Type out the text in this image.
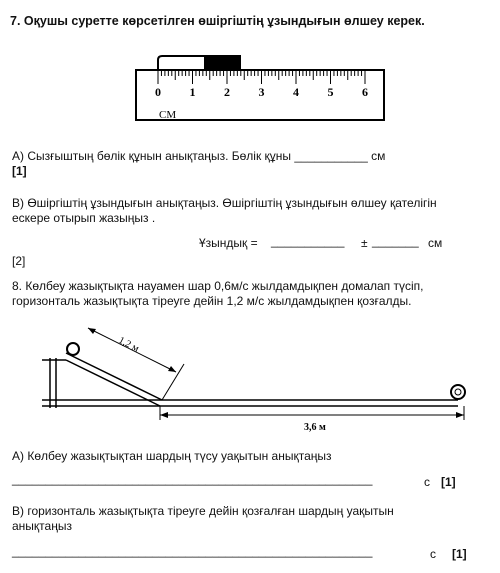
7. Оқушы суретте көрсетілген өшіргіштің ұзындығын өлшеу керек.
0 1 2 3 4 5 6
СМ
А) Сызғыштың бөлік құнын анықтаңыз. Бөлік құны ___________ см
[1]
В) Өшіргіштің ұзындығын анықтаңыз. Өшіргіштің ұзындығын өлшеу қателігін
ескере отырып жазыңыз .
Ұзындық = ___________ ± _______ см
[2]
8. Көлбеу жазықтықта науамен шар 0,6м/с жылдамдықпен домалап түсіп,
горизонталь жазықтықта тіреуге дейін 1,2 м/с жылдамдықпен қозғалды.
1,2 м
3,6 м
А) Көлбеу жазықтықтан шардың түсу уақытын анықтаңыз
______________________________________________________	с [1]
В) горизонталь жазықтықта тіреуге дейін қозғалған шардың уақытын
анықтаңыз
______________________________________________________	с [1]
